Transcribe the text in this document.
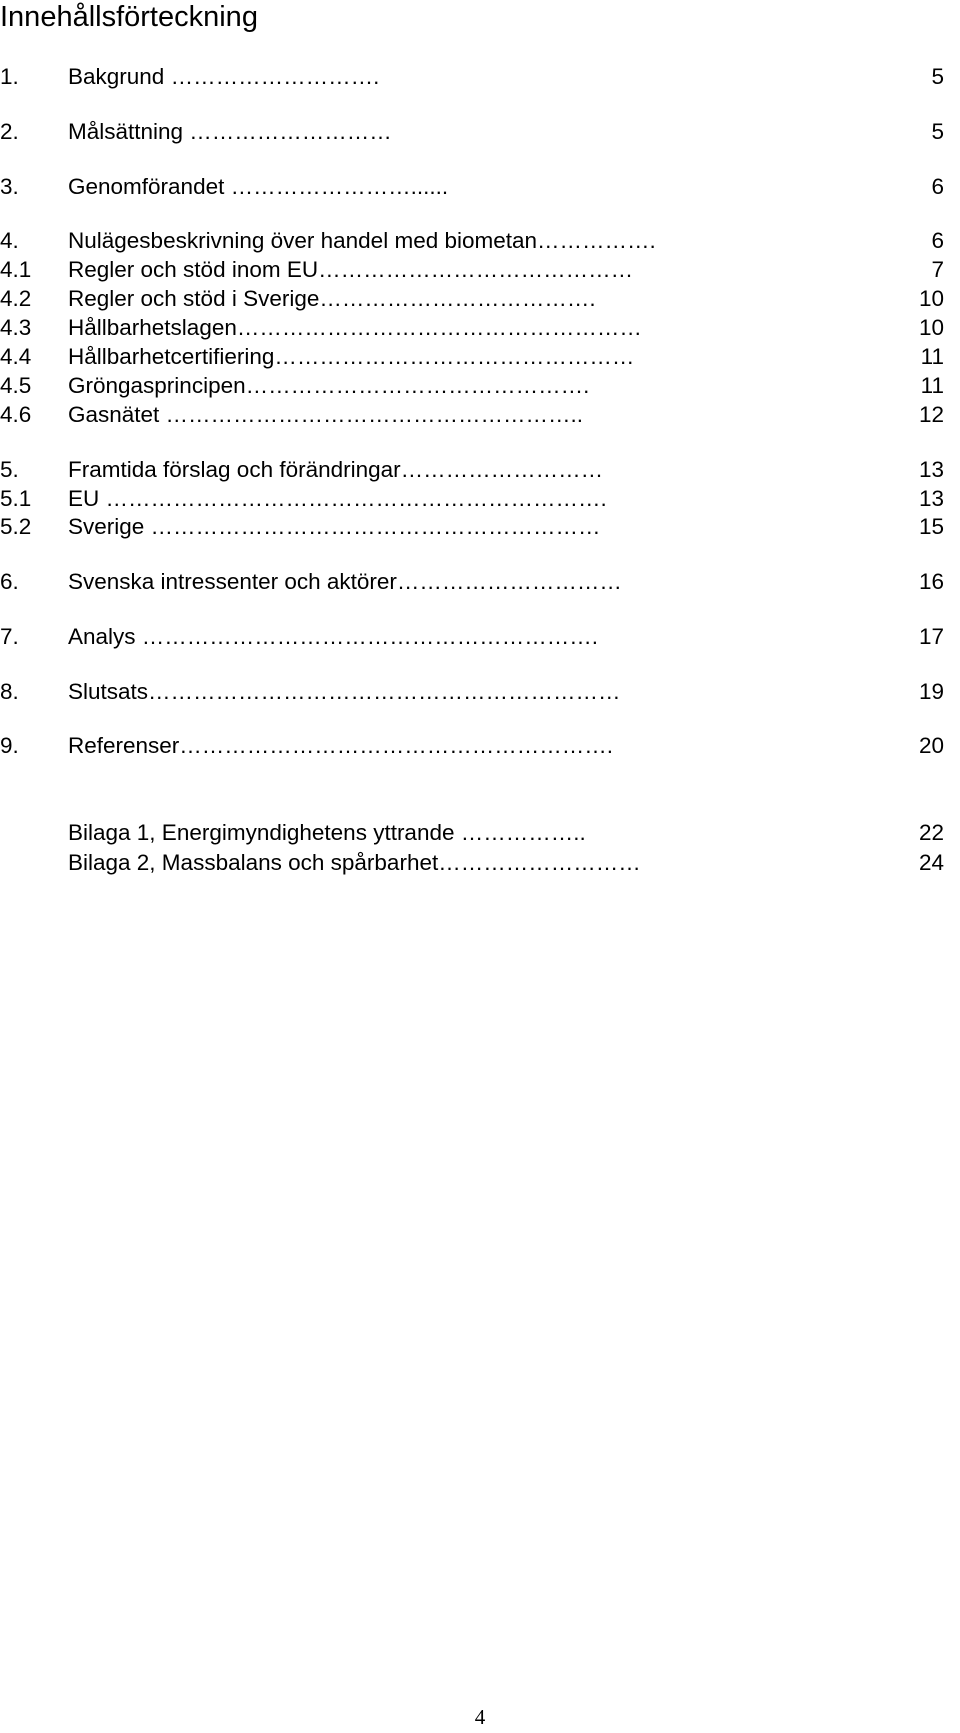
Innehållsförteckning
1. Bakgrund ……………………….	5
2. Målsättning ………………………	5
3. Genomförandet ……………………......	6
4. Nulägesbeskrivning över handel med biometan…………….	6
4.1 Regler och stöd inom EU……………………………………	7
4.2 Regler och stöd i Sverige……………………………….	10
4.3 Hållbarhetslagen………………………………………………	10
4.4 Hållbarhetcertifiering…………………………………………	11
4.5 Gröngasprincipen……………………………………….	11
4.6 Gasnätet ………………………………………………..	12
5. Framtida förslag och förändringar………………………	13
5.1 EU ………………………………………………………….	13
5.2 Sverige ……………………………………………………	15
6. Svenska intressenter och aktörer…………………………	16
7. Analys …………………………………………………….	17
8. Slutsats………………………………………………………	19
9. Referenser………………………………………………….	20
Bilaga 1, Energimyndighetens yttrande ……………..	22
Bilaga 2, Massbalans och spårbarhet………………………	24
4
